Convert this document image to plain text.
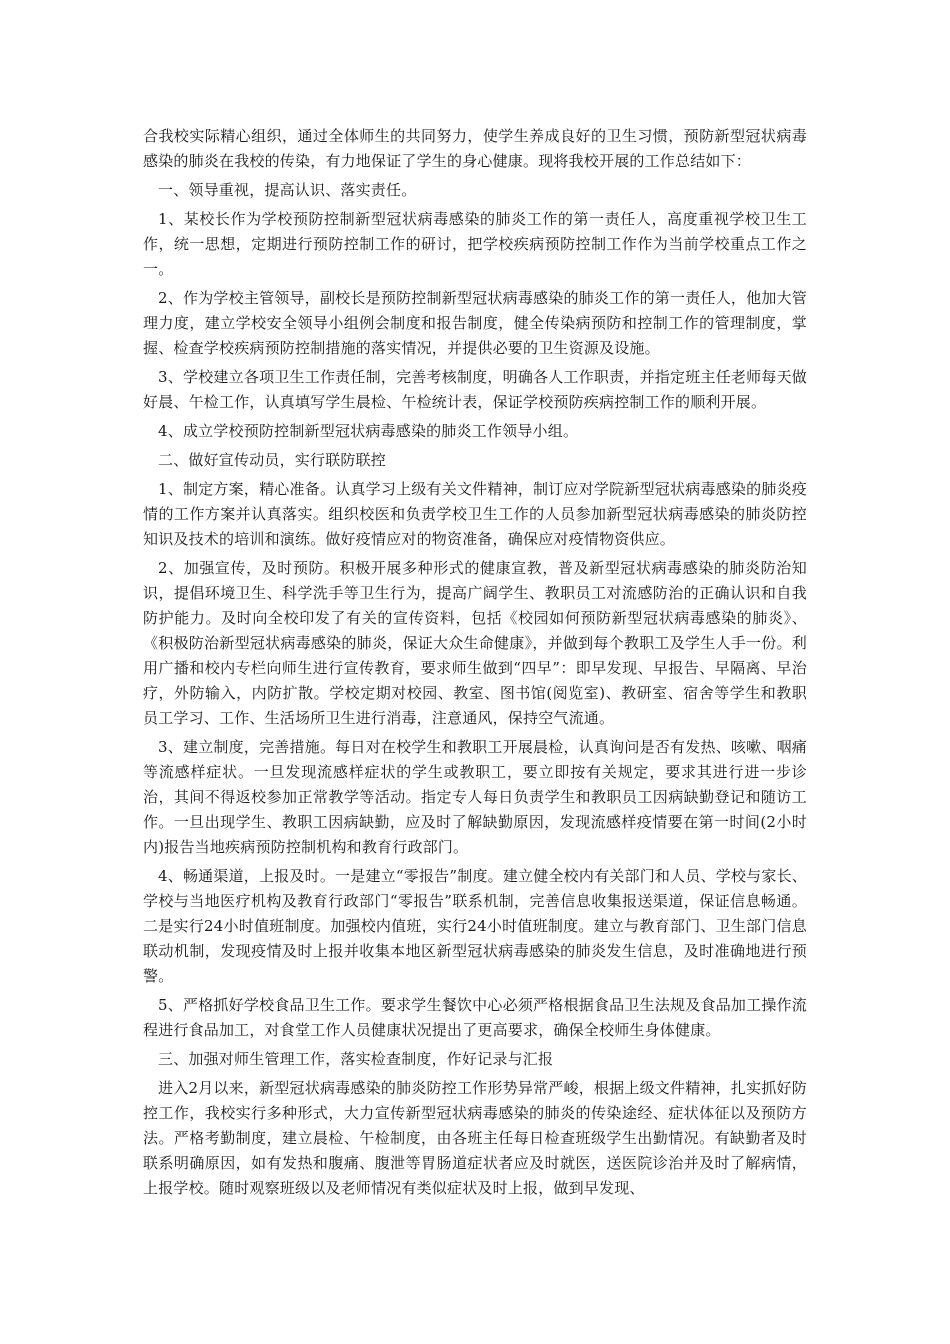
合我校实际精心组织，通过全体师生的共同努力，使学生养成良好的卫生习惯，预防新型冠状病毒感染的肺炎在我校的传染，有力地保证了学生的身心健康。现将我校开展的工作总结如下：

一、领导重视，提高认识、落实责任。

1、某校长作为学校预防控制新型冠状病毒感染的肺炎工作的第一责任人，高度重视学校卫生工作，统一思想，定期进行预防控制工作的研讨，把学校疾病预防控制工作作为当前学校重点工作之一。

2、作为学校主管领导，副校长是预防控制新型冠状病毒感染的肺炎工作的第一责任人，他加大管理力度，建立学校安全领导小组例会制度和报告制度，健全传染病预防和控制工作的管理制度，掌握、检查学校疾病预防控制措施的落实情况，并提供必要的卫生资源及设施。

3、学校建立各项卫生工作责任制，完善考核制度，明确各人工作职责，并指定班主任老师每天做好晨、午检工作，认真填写学生晨检、午检统计表，保证学校预防疾病控制工作的顺利开展。

4、成立学校预防控制新型冠状病毒感染的肺炎工作领导小组。

二、做好宣传动员，实行联防联控

1、制定方案，精心准备。认真学习上级有关文件精神，制订应对学院新型冠状病毒感染的肺炎疫情的工作方案并认真落实。组织校医和负责学校卫生工作的人员参加新型冠状病毒感染的肺炎防控知识及技术的培训和演练。做好疫情应对的物资准备，确保应对疫情物资供应。

2、加强宣传，及时预防。积极开展多种形式的健康宣教，普及新型冠状病毒感染的肺炎防治知识，提倡环境卫生、科学洗手等卫生行为，提高广阔学生、教职员工对流感防治的正确认识和自我防护能力。及时向全校印发了有关的宣传资料，包括《校园如何预防新型冠状病毒感染的肺炎》、《积极防治新型冠状病毒感染的肺炎，保证大众生命健康》，并做到每个教职工及学生人手一份。利用广播和校内专栏向师生进行宣传教育，要求师生做到“四早”：即早发现、早报告、早隔离、早治疗，外防输入，内防扩散。学校定期对校园、教室、图书馆(阅览室)、教研室、宿舍等学生和教职员工学习、工作、生活场所卫生进行消毒，注意通风，保持空气流通。

3、建立制度，完善措施。每日对在校学生和教职工开展晨检，认真询问是否有发热、咳嗽、咽痛等流感样症状。一旦发现流感样症状的学生或教职工，要立即按有关规定，要求其进行进一步诊治，其间不得返校参加正常教学等活动。指定专人每日负责学生和教职员工因病缺勤登记和随访工作。一旦出现学生、教职工因病缺勤，应及时了解缺勤原因，发现流感样疫情要在第一时间(2小时内)报告当地疾病预防控制机构和教育行政部门。

4、畅通渠道，上报及时。一是建立“零报告”制度。建立健全校内有关部门和人员、学校与家长、学校与当地医疗机构及教育行政部门“零报告”联系机制，完善信息收集报送渠道，保证信息畅通。二是实行24小时值班制度。加强校内值班，实行24小时值班制度。建立与教育部门、卫生部门信息联动机制，发现疫情及时上报并收集本地区新型冠状病毒感染的肺炎发生信息，及时准确地进行预警。

5、严格抓好学校食品卫生工作。要求学生餐饮中心必须严格根据食品卫生法规及食品加工操作流程进行食品加工，对食堂工作人员健康状况提出了更高要求，确保全校师生身体健康。

三、加强对师生管理工作，落实检查制度，作好记录与汇报

进入2月以来，新型冠状病毒感染的肺炎防控工作形势异常严峻，根据上级文件精神，扎实抓好防控工作，我校实行多种形式，大力宣传新型冠状病毒感染的肺炎的传染途经、症状体征以及预防方法。严格考勤制度，建立晨检、午检制度，由各班主任每日检查班级学生出勤情况。有缺勤者及时联系明确原因，如有发热和腹痛、腹泄等胃肠道症状者应及时就医，送医院诊治并及时了解病情，上报学校。随时观察班级以及老师情况有类似症状及时上报，做到早发现、
